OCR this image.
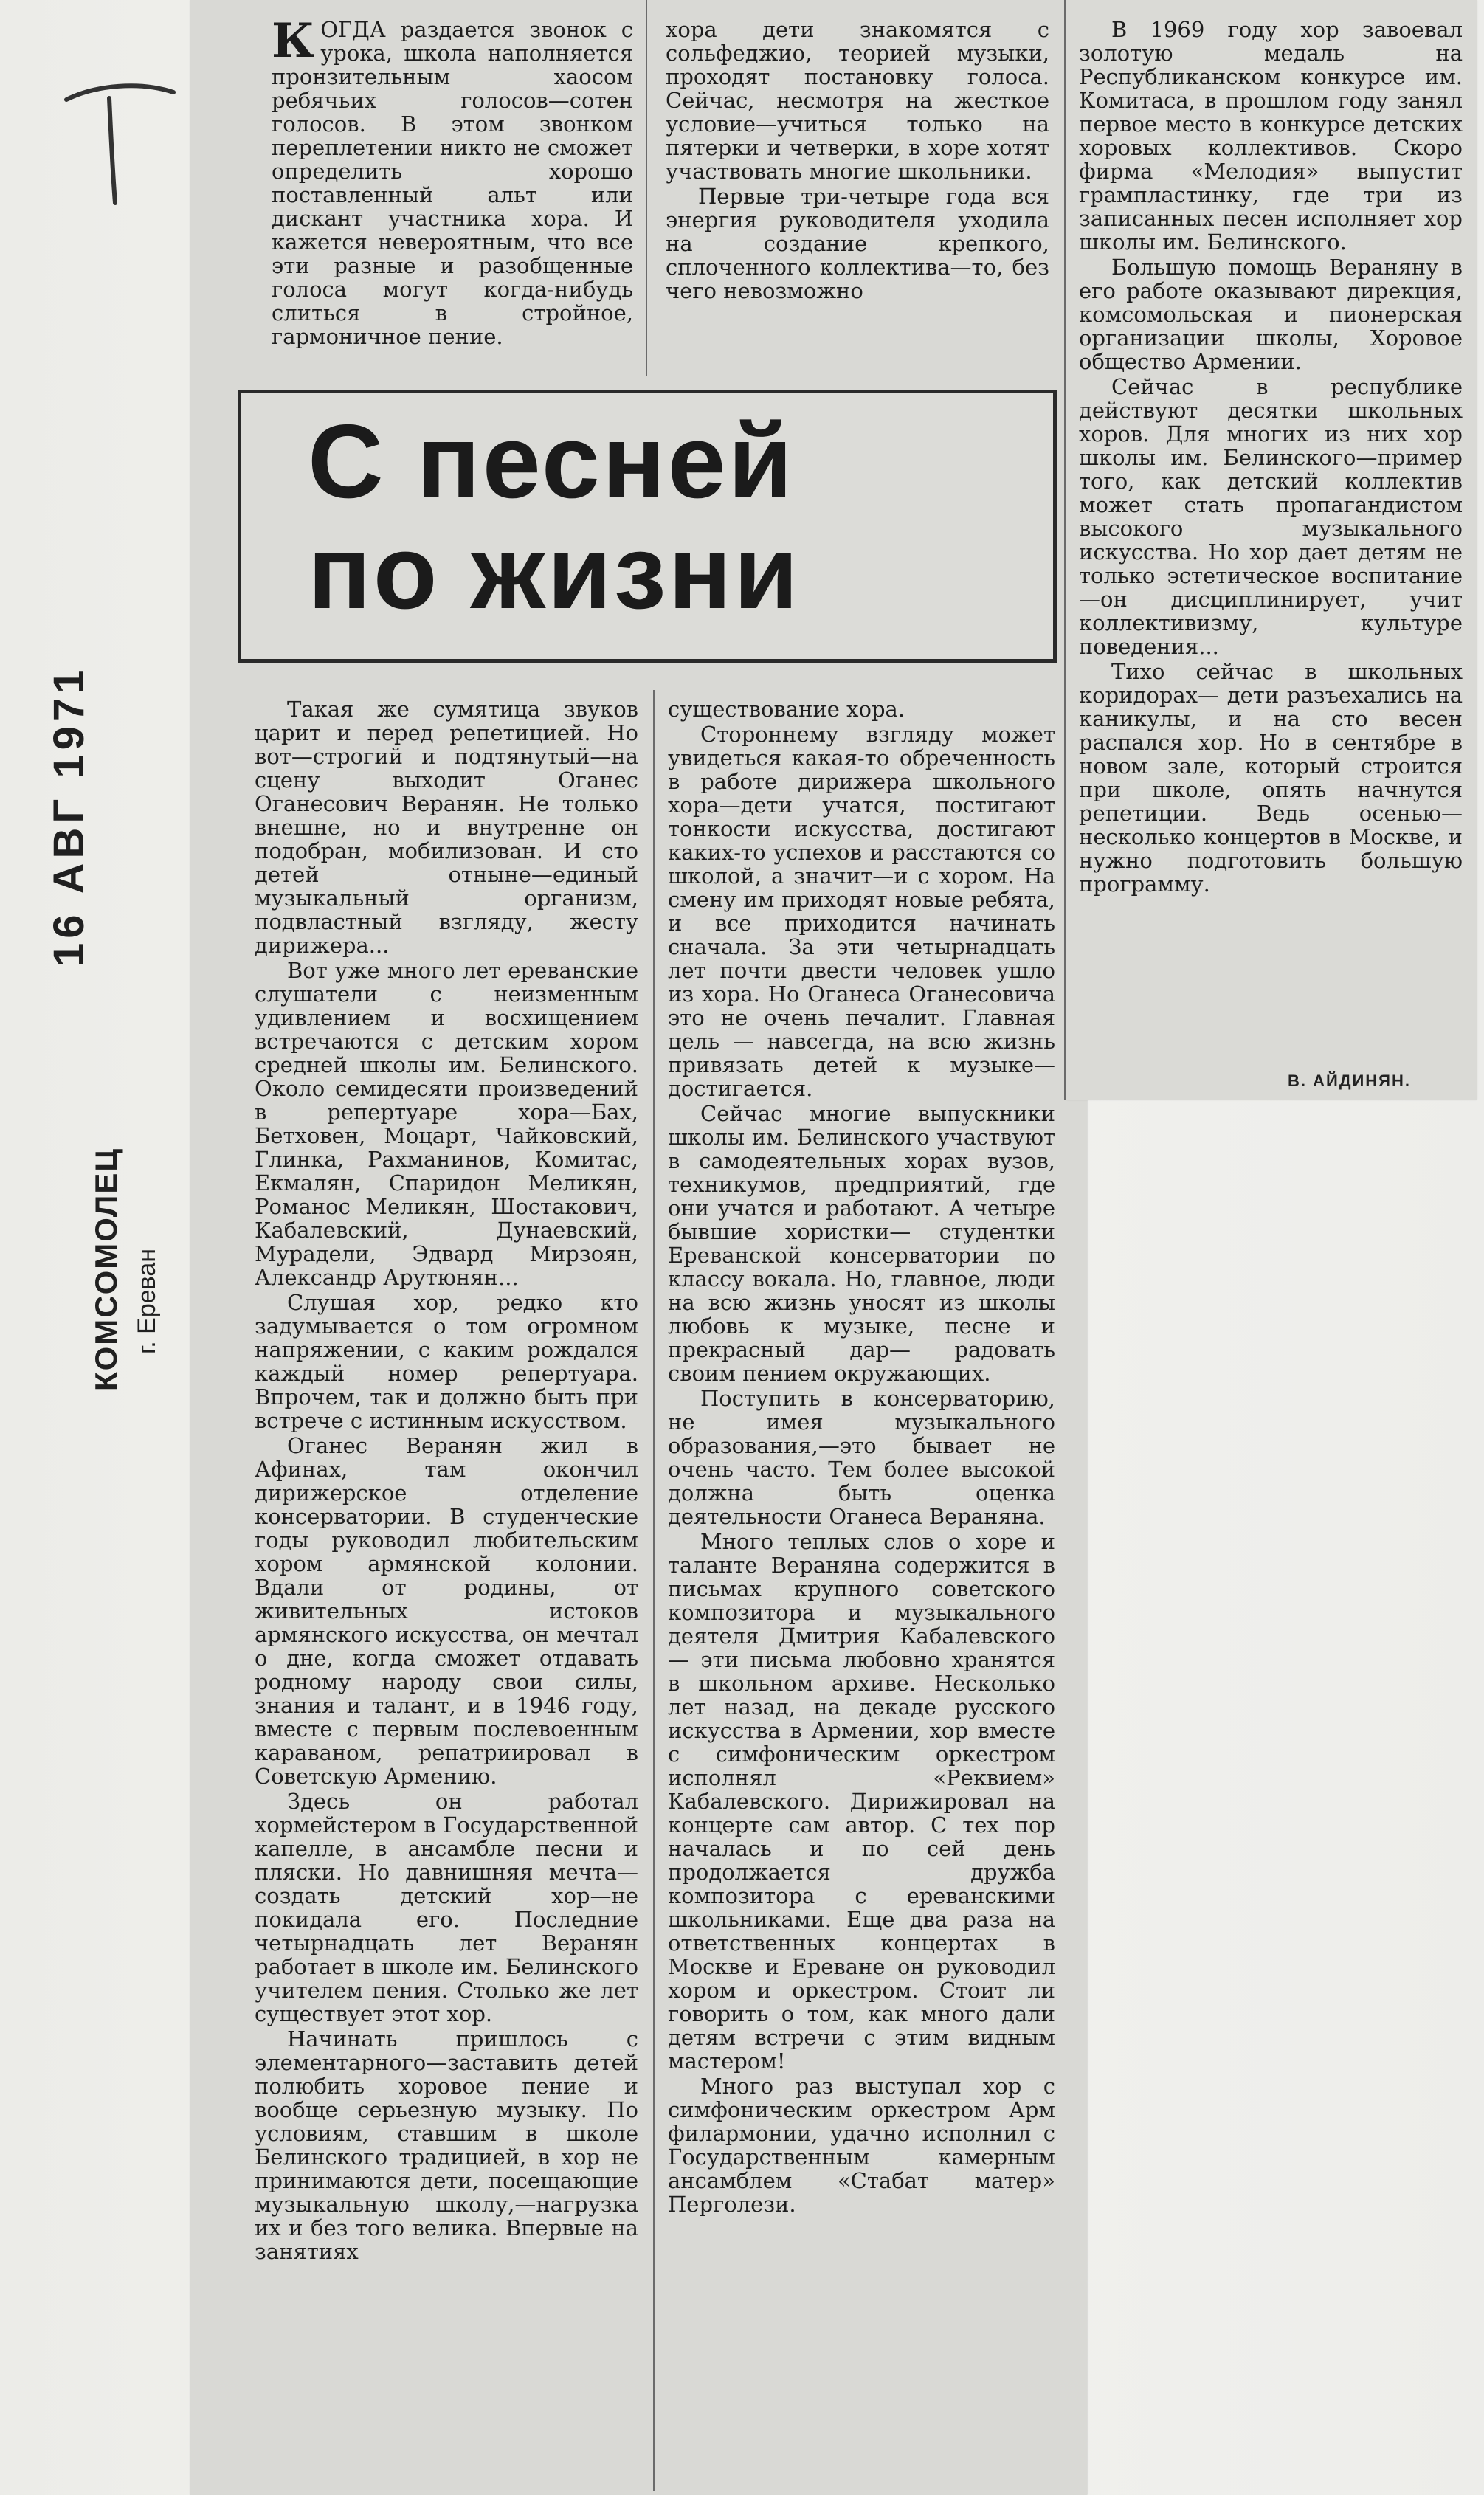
16 АВГ 1971
КОМСОМОЛЕЦ г. Ереван

КОГДА раздается звонок с урока, школа наполняется пронзительным хаосом ребячьих голосов—сотен голосов. В этом звонком переплетении никто не сможет определить хорошо поставленный альт или дискант участника хора. И кажется невероятным, что все эти разные и разобщенные голоса могут когда-нибудь слиться в стройное, гармоничное пение.

хора дети знакомятся с сольфеджио, теорией музыки, проходят постановку голоса. Сейчас, несмотря на жесткое условие—учиться только на пятерки и четверки, в хоре хотят участвовать многие школьники.

Первые три-четыре года вся энергия руководителя уходила на создание крепкого, сплоченного коллектива—то, без чего невозможно

В 1969 году хор завоевал золотую медаль на Республиканском конкурсе им. Комитаса, в прошлом году занял первое место в конкурсе детских хоровых коллективов. Скоро фирма «Мелодия» выпустит грампластинку, где три из записанных песен исполняет хор школы им. Белинского.

Большую помощь Вераняну в его работе оказывают дирекция, комсомольская и пионерская организации школы, Хоровое общество Армении.

Сейчас в республике действуют десятки школьных хоров. Для многих из них хор школы им. Белинского—пример того, как детский коллектив может стать пропагандистом высокого музыкального искусства. Но хор дает детям не только эстетическое воспитание—он дисциплинирует, учит коллективизму, культуре поведения...

Тихо сейчас в школьных коридорах— дети разъехались на каникулы, и на сто весен распался хор. Но в сентябре в новом зале, который строится при школе, опять начнутся репетиции. Ведь осенью—несколько концертов в Москве, и нужно подготовить большую программу.

В. АЙДИНЯН.
С песней
по жизни

Такая же сумятица звуков царит и перед репетицией. Но вот—строгий и подтянутый—на сцену выходит Оганес Оганесович Веранян. Не только внешне, но и внутренне он подобран, мобилизован. И сто детей отныне—единый музыкальный организм, подвластный взгляду, жесту дирижера...

Вот уже много лет ереванские слушатели с неизменным удивлением и восхищением встречаются с детским хором средней школы им. Белинского. Около семидесяти произведений в репертуаре хора—Бах, Бетховен, Моцарт, Чайковский, Глинка, Рахманинов, Комитас, Екмалян, Спаридон Меликян, Романос Меликян, Шостакович, Кабалевский, Дунаевский, Мурадели, Эдвард Мирзоян, Александр Арутюнян...

Слушая хор, редко кто задумывается о том огромном напряжении, с каким рождался каждый номер репертуара. Впрочем, так и должно быть при встрече с истинным искусством.

Оганес Веранян жил в Афинах, там окончил дирижерское отделение консерватории. В студенческие годы руководил любительским хором армянской колонии. Вдали от родины, от живительных истоков армянского искусства, он мечтал о дне, когда сможет отдавать родному народу свои силы, знания и талант, и в 1946 году, вместе с первым послевоенным караваном, репатриировал в Советскую Армению.

Здесь он работал хормейстером в Государственной капелле, в ансамбле песни и пляски. Но давнишняя мечта—создать детский хор—не покидала его. Последние четырнадцать лет Веранян работает в школе им. Белинского учителем пения. Столько же лет существует этот хор.

Начинать пришлось с элементарного—заставить детей полюбить хоровое пение и вообще серьезную музыку. По условиям, ставшим в школе Белинского традицией, в хор не принимаются дети, посещающие музыкальную школу,—нагрузка их и без того велика. Впервые на занятиях

существование хора.

Стороннему взгляду может увидеться какая-то обреченность в работе дирижера школьного хора—дети учатся, постигают тонкости искусства, достигают каких-то успехов и расстаются со школой, а значит—и с хором. На смену им приходят новые ребята, и все приходится начинать сначала. За эти четырнадцать лет почти двести человек ушло из хора. Но Оганеса Оганесовича это не очень печалит. Главная цель — навсегда, на всю жизнь привязать детей к музыке—достигается.

Сейчас многие выпускники школы им. Белинского участвуют в самодеятельных хорах вузов, техникумов, предприятий, где они учатся и работают. А четыре бывшие хористки— студентки Ереванской консерватории по классу вокала. Но, главное, люди на всю жизнь уносят из школы любовь к музыке, песне и прекрасный дар— радовать своим пением окружающих.

Поступить в консерваторию, не имея музыкального образования,—это бывает не очень часто. Тем более высокой должна быть оценка деятельности Оганеса Вераняна.

Много теплых слов о хоре и таланте Вераняна содержится в письмах крупного советского композитора и музыкального деятеля Дмитрия Кабалевского — эти письма любовно хранятся в школьном архиве. Несколько лет назад, на декаде русского искусства в Армении, хор вместе с симфоническим оркестром исполнял «Реквием» Кабалевского. Дирижировал на концерте сам автор. С тех пор началась и по сей день продолжается дружба композитора с ереванскими школьниками. Еще два раза на ответственных концертах в Москве и Ереване он руководил хором и оркестром. Стоит ли говорить о том, как много дали детям встречи с этим видным мастером!

Много раз выступал хор с симфоническим оркестром Арм филармонии, удачно исполнил с Государственным камерным ансамблем «Стабат матер» Перголези.
